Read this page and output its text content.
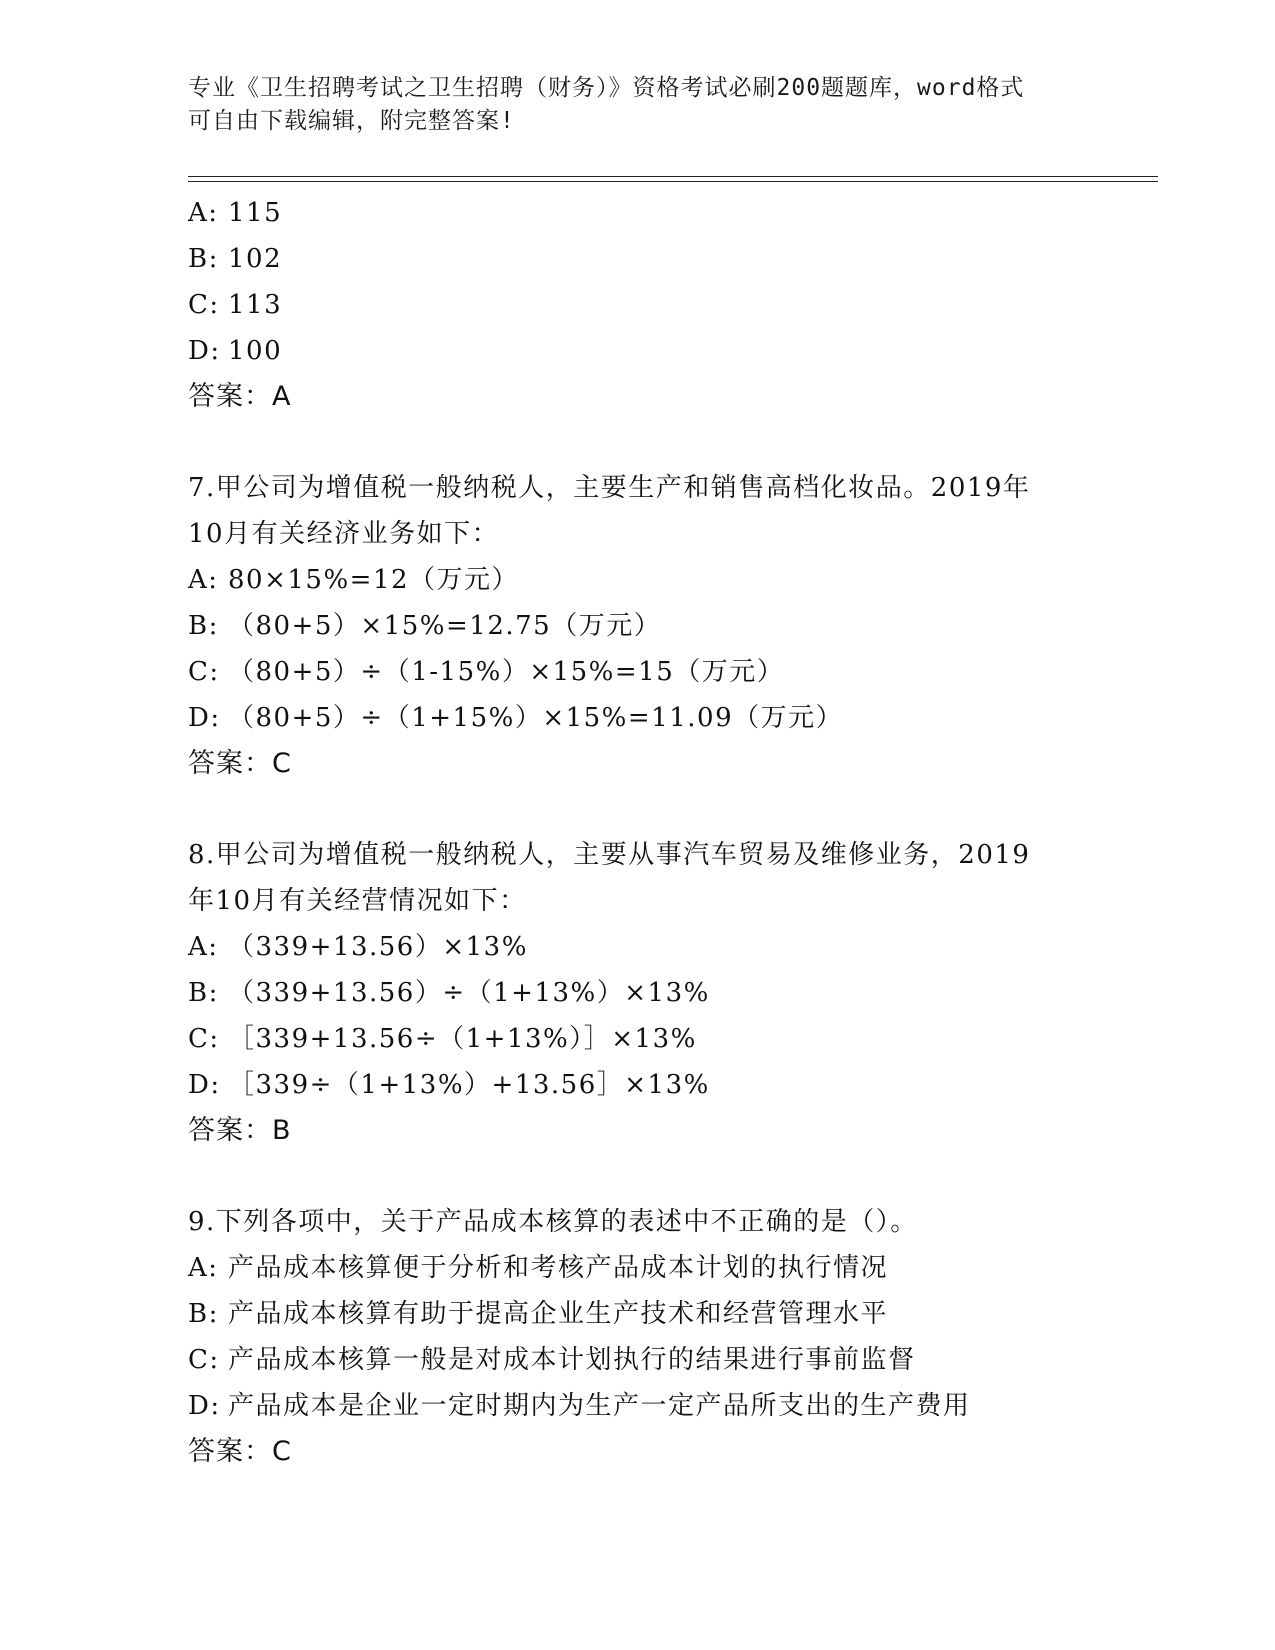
专业《卫生招聘考试之卫生招聘（财务）》资格考试必刷200题题库，word格式
可自由下载编辑，附完整答案!
A: 115
B: 102
C: 113
D: 100
答案：A
7.甲公司为增值税一般纳税人，主要生产和销售高档化妆品。2019年
10月有关经济业务如下：
A: 80×15%=12（万元）
B: （80+5）×15%=12.75（万元）
C: （80+5）÷（1-15%）×15%=15（万元）
D: （80+5）÷（1+15%）×15%=11.09（万元）
答案：C
8.甲公司为增值税一般纳税人，主要从事汽车贸易及维修业务，2019
年10月有关经营情况如下：
A: （339+13.56）×13%
B: （339+13.56）÷（1+13%）×13%
C: ［339+13.56÷（1+13%）］×13%
D: ［339÷（1+13%）+13.56］×13%
答案：B
9.下列各项中，关于产品成本核算的表述中不正确的是（）。
A: 产品成本核算便于分析和考核产品成本计划的执行情况
B: 产品成本核算有助于提高企业生产技术和经营管理水平
C: 产品成本核算一般是对成本计划执行的结果进行事前监督
D: 产品成本是企业一定时期内为生产一定产品所支出的生产费用
答案：C
